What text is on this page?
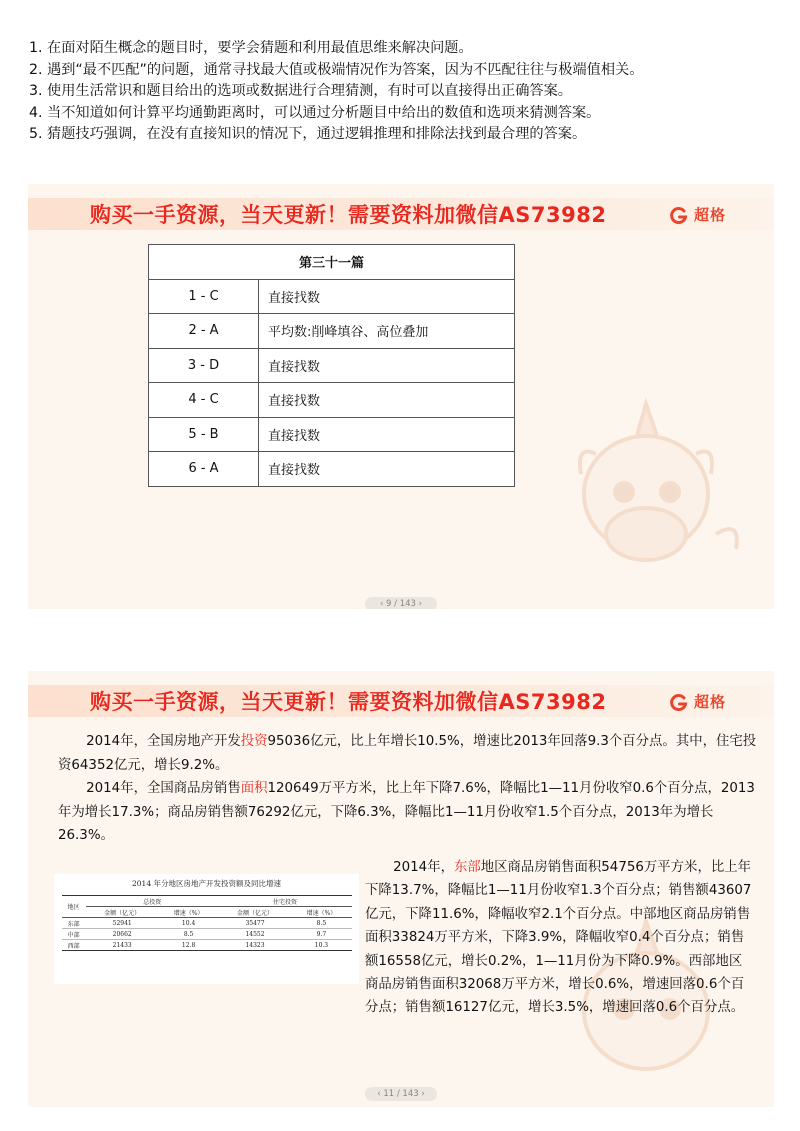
1. 在面对陌生概念的题目时，要学会猜题和利用最值思维来解决问题。
2. 遇到“最不匹配”的问题，通常寻找最大值或极端情况作为答案，因为不匹配往往与极端值相关。
3. 使用生活常识和题目给出的选项或数据进行合理猜测，有时可以直接得出正确答案。
4. 当不知道如何计算平均通勤距离时，可以通过分析题目中给出的数值和选项来猜测答案。
5. 猜题技巧强调，在没有直接知识的情况下，通过逻辑推理和排除法找到最合理的答案。
购买一手资源，当天更新！需要资料加微信AS73982	超格
第三十一篇	
1 - C	直接找数
2 - A	平均数:削峰填谷、高位叠加
3 - D	直接找数
4 - C	直接找数
5 - B	直接找数
6 - A	直接找数
‹ 9 / 143 ›
购买一手资源，当天更新！需要资料加微信AS73982	超格

2014年，全国房地产开发投资95036亿元，比上年增长10.5%，增速比2013年回落9.3个百分点。其中，住宅投资64352亿元，增长9.2%。

2014年，全国商品房销售面积120649万平方米，比上年下降7.6%，降幅比1—11月份收窄0.6个百分点，2013年为增长17.3%；商品房销售额76292亿元，下降6.3%，降幅比1—11月份收窄1.5个百分点，2013年为增长26.3%。

2014 年分地区房地产开发投资额及同比增速
地区	总投资		住宅投资	
	金额（亿元）	增速（%）	金额（亿元）	增速（%）
东部	52941	10.4	35477	8.5
中部	20662	8.5	14552	9.7
西部	21433	12.8	14323	10.3

2014年，东部地区商品房销售面积54756万平方米，比上年下降13.7%，降幅比1—11月份收窄1.3个百分点；销售额43607亿元，下降11.6%，降幅收窄2.1个百分点。中部地区商品房销售面积33824万平方米，下降3.9%，降幅收窄0.4个百分点；销售额16558亿元，增长0.2%，1—11月份为下降0.9%。西部地区商品房销售面积32068万平方米，增长0.6%，增速回落0.6个百分点；销售额16127亿元，增长3.5%，增速回落0.6个百分点。

‹ 11 / 143 ›
